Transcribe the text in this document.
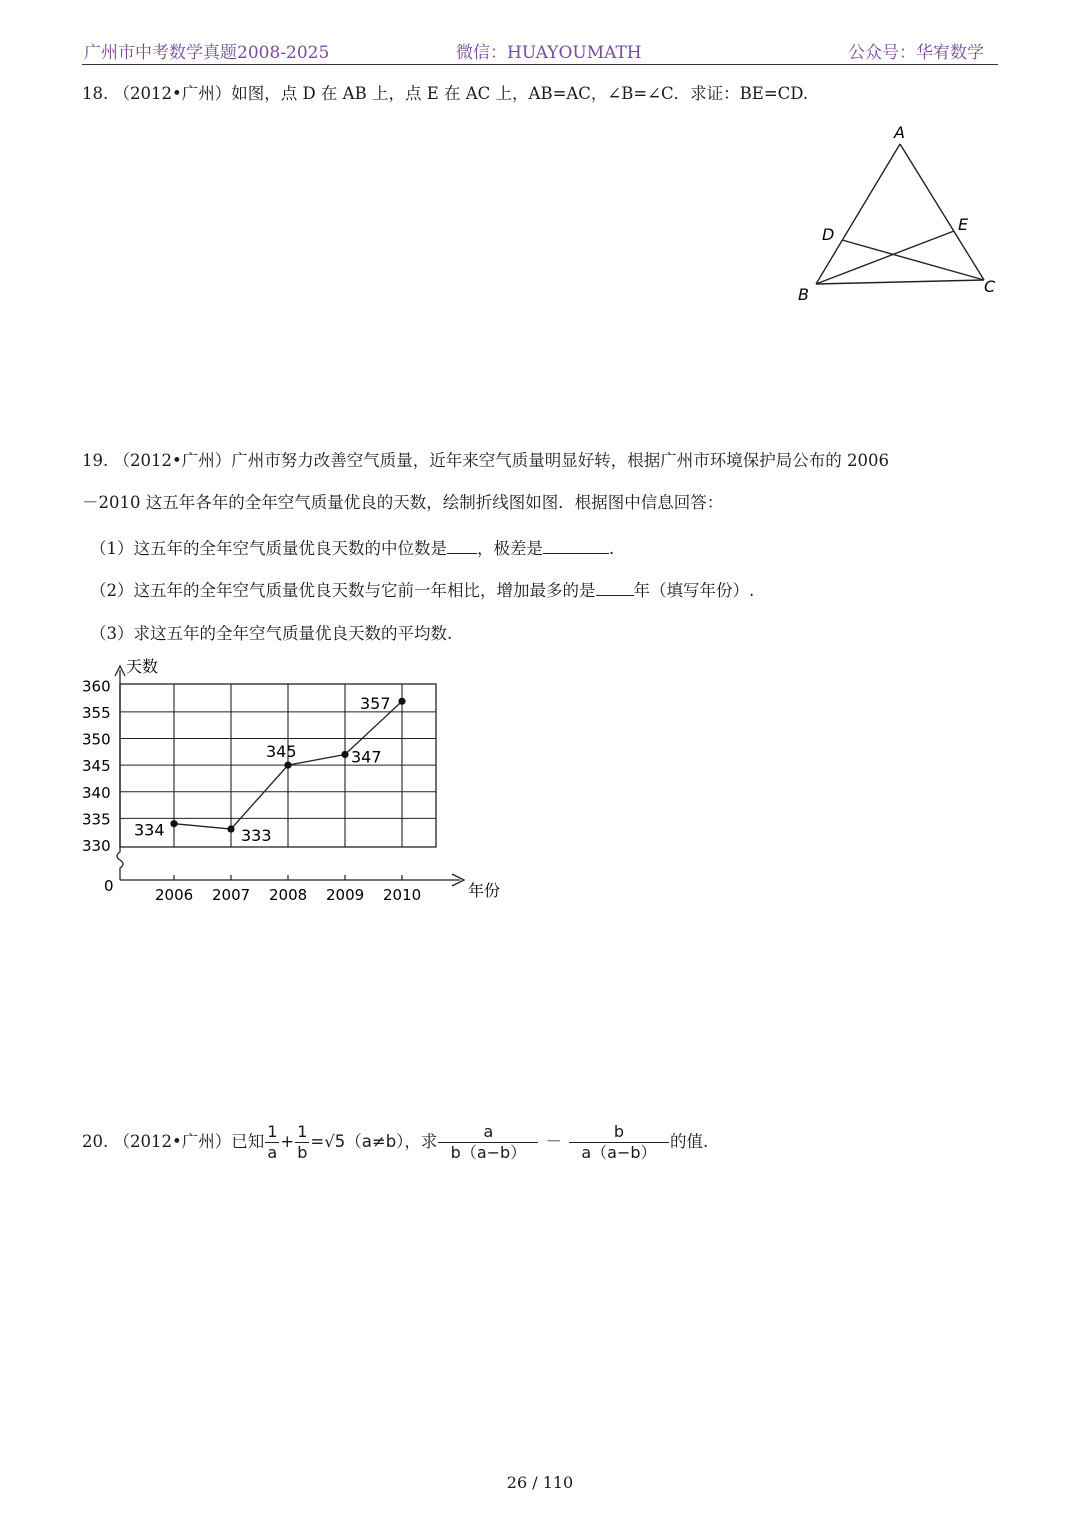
广州市中考数学真题2008-2025	微信：HUAYOUMATH	公众号：华宥数学
18. （2012•广州）如图，点 D 在 AB 上，点 E 在 AC 上，AB=AC，∠B=∠C．求证：BE=CD.
A
D
E
B	C
19. （2012•广州）广州市努力改善空气质量，近年来空气质量明显好转，根据广州市环境保护局公布的 2006
－2010 这五年各年的全年空气质量优良的天数，绘制折线图如图．根据图中信息回答：
（1）这五年的全年空气质量优良天数的中位数是 ，极差是	.
（2）这五年的全年空气质量优良天数与它前一年相比，增加最多的是 年（填写年份）.
（3）求这五年的全年空气质量优良天数的平均数.
天数
年份
0
360
355
350
345
340
335
330
2006 2007 2008 2009 2010
334	333
345	347
357
20. （2012•广州）已知 $\frac{1}{a} + \frac{1}{b} =√5(a\ne b)$，求 $\frac{a}{b(a-b)} - \frac{b}{a(a-b)}$ 的值.
26 / 110
